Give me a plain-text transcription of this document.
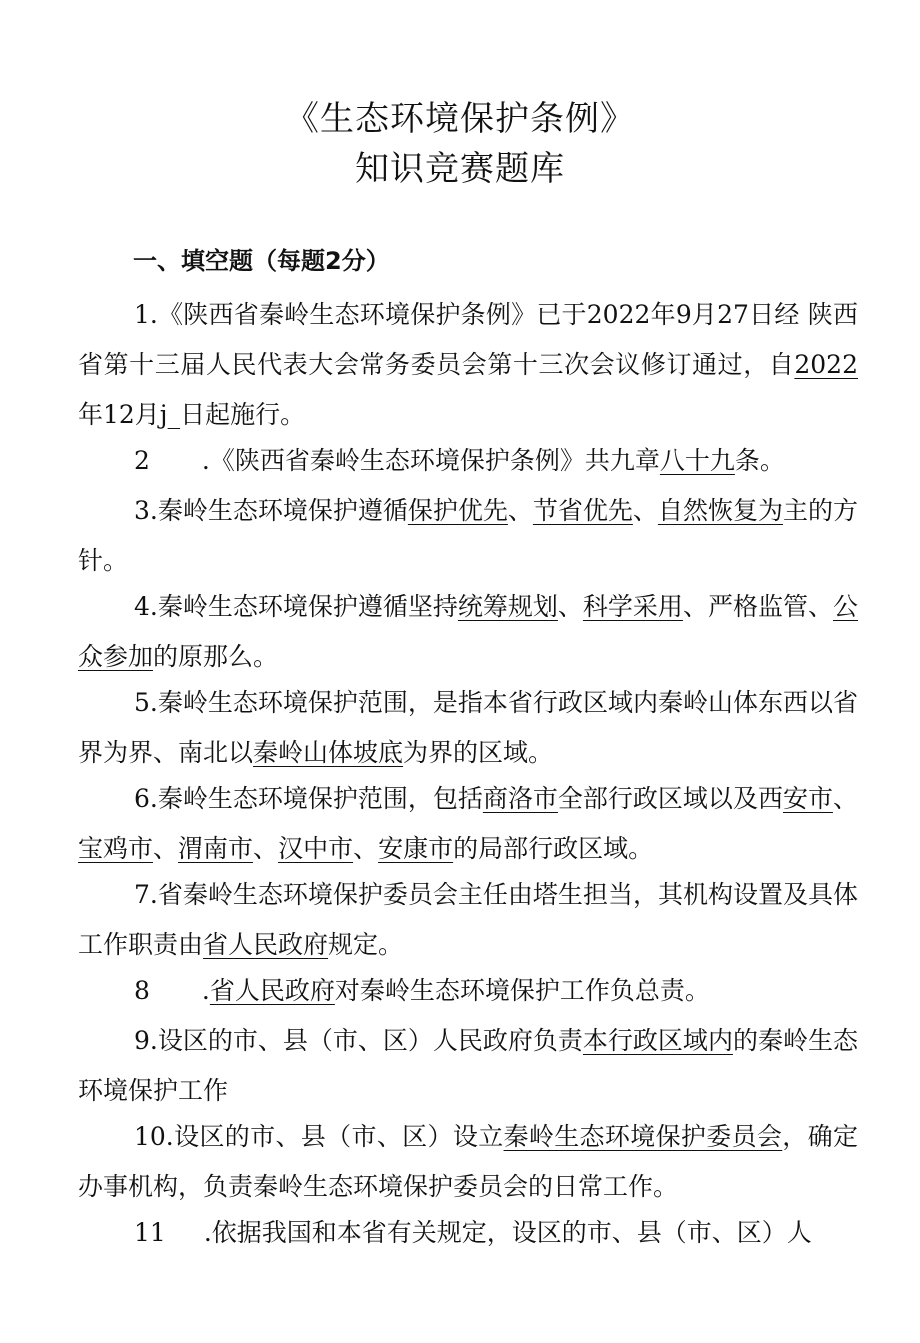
《生态环境保护条例》
知识竞赛题库
一、填空题（每题2分）
1.《陕西省秦岭生态环境保护条例》已于2022年9月27日经 陕西省第十三届人民代表大会常务委员会第十三次会议修订通过，自2022年12月j_日起施行。
2 .《陕西省秦岭生态环境保护条例》共九章八十九条。
3.秦岭生态环境保护遵循保护优先、节省优先、自然恢复为主的方针。
4.秦岭生态环境保护遵循坚持统筹规划、科学采用、严格监管、公众参加的原那么。
5.秦岭生态环境保护范围，是指本省行政区域内秦岭山体东西以省界为界、南北以秦岭山体坡底为界的区域。
6.秦岭生态环境保护范围，包括商洛市全部行政区域以及西安市、宝鸡市、渭南市、汉中市、安康市的局部行政区域。
7.省秦岭生态环境保护委员会主任由塔生担当，其机构设置及具体工作职责由省人民政府规定。
8 .省人民政府对秦岭生态环境保护工作负总责。
9.设区的市、县（市、区）人民政府负责本行政区域内的秦岭生态环境保护工作
10.设区的市、县（市、区）设立秦岭生态环境保护委员会，确定办事机构，负责秦岭生态环境保护委员会的日常工作。
11 .依据我国和本省有关规定，设区的市、县（市、区）人
